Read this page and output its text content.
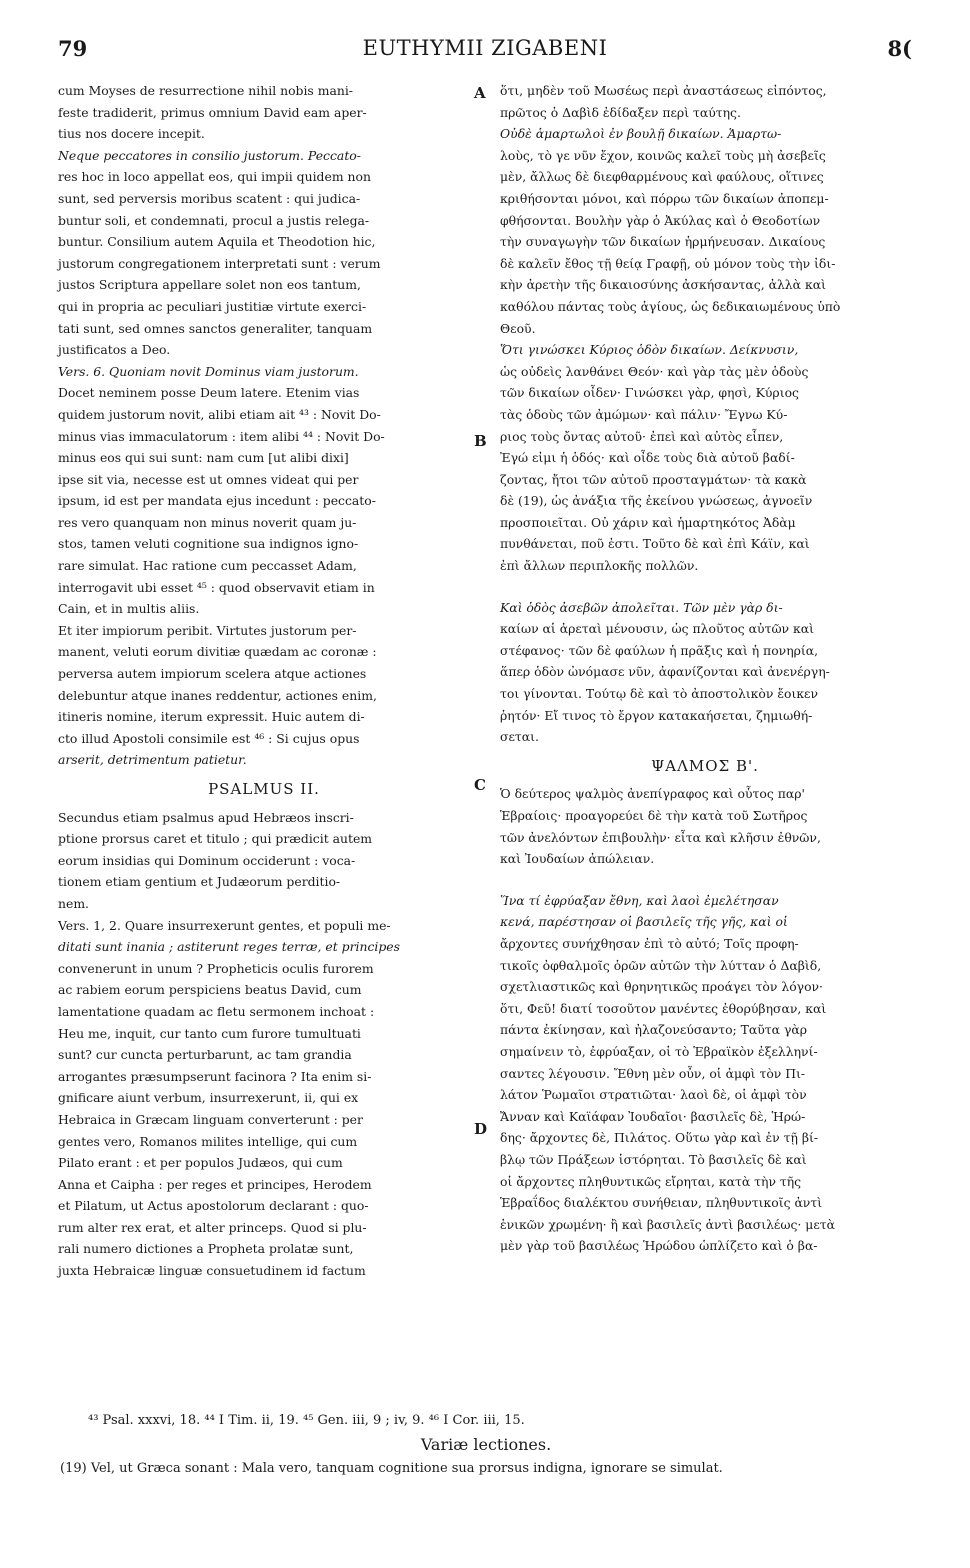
79	EUTHYMII ZIGABENI	8(
A
B
C
D

cum Moyses de resurrectione nihil nobis mani-

feste tradiderit, primus omnium David eam aper-

tius nos docere incepit.

Neque peccatores in consilio justorum. Peccato-

res hoc in loco appellat eos, qui impii quidem non

sunt, sed perversis moribus scatent : qui judica-

buntur soli, et condemnati, procul a justis relega-

buntur. Consilium autem Aquila et Theodotion hic,

justorum congregationem interpretati sunt : verum

justos Scriptura appellare solet non eos tantum,

qui in propria ac peculiari justitiæ virtute exerci-

tati sunt, sed omnes sanctos generaliter, tanquam

justificatos a Deo.

Vers. 6. Quoniam novit Dominus viam justorum.

Docet neminem posse Deum latere. Etenim vias

quidem justorum novit, alibi etiam ait ⁴³ : Novit Do-

minus vias immaculatorum : item alibi ⁴⁴ : Novit Do-

minus eos qui sui sunt: nam cum [ut alibi dixi]

ipse sit via, necesse est ut omnes videat qui per

ipsum, id est per mandata ejus incedunt : peccato-

res vero quanquam non minus noverit quam ju-

stos, tamen veluti cognitione sua indignos igno-

rare simulat. Hac ratione cum peccasset Adam,

interrogavit ubi esset ⁴⁵ : quod observavit etiam in

Cain, et in multis aliis.

Et iter impiorum peribit. Virtutes justorum per-

manent, veluti eorum divitiæ quædam ac coronæ :

perversa autem impiorum scelera atque actiones

delebuntur atque inanes reddentur, actiones enim,

itineris nomine, iterum expressit. Huic autem di-

cto illud Apostoli consimile est ⁴⁶ : Si cujus opus

arserit, detrimentum patietur.

PSALMUS II.

Secundus etiam psalmus apud Hebræos inscri-

ptione prorsus caret et titulo ; qui prædicit autem

eorum insidias qui Dominum occiderunt : voca-

tionem etiam gentium et Judæorum perditio-

nem.

Vers. 1, 2. Quare insurrexerunt gentes, et populi me-

ditati sunt inania ; astiterunt reges terræ, et principes

convenerunt in unum ? Propheticis oculis furorem

ac rabiem eorum perspiciens beatus David, cum

lamentatione quadam ac fletu sermonem inchoat :

Heu me, inquit, cur tanto cum furore tumultuati

sunt? cur cuncta perturbarunt, ac tam grandia

arrogantes præsumpserunt facinora ? Ita enim si-

gnificare aiunt verbum, insurrexerunt, ii, qui ex

Hebraica in Græcam linguam converterunt : per

gentes vero, Romanos milites intellige, qui cum

Pilato erant : et per populos Judæos, qui cum

Anna et Caipha : per reges et principes, Herodem

et Pilatum, ut Actus apostolorum declarant : quo-

rum alter rex erat, et alter princeps. Quod si plu-

rali numero dictiones a Propheta prolatæ sunt,

juxta Hebraicæ linguæ consuetudinem id factum

ὅτι, μηδὲν τοῦ Μωσέως περὶ ἀναστάσεως εἰπόντος,

πρῶτος ὁ Δαβὶδ ἐδίδαξεν περὶ ταύτης.

Οὐδὲ ἁμαρτωλοὶ ἐν βουλῇ δικαίων. Ἁμαρτω-

λοὺς, τὸ γε νῦν ἔχον, κοινῶς καλεῖ τοὺς μὴ ἀσεβεῖς

μὲν, ἄλλως δὲ διεφθαρμένους καὶ φαύλους, οἵτινες

κριθήσονται μόνοι, καὶ πόρρω τῶν δικαίων ἀποπεμ-

φθήσονται. Βουλὴν γὰρ ὁ Ἀκύλας καὶ ὁ Θεοδοτίων

τὴν συναγωγὴν τῶν δικαίων ἡρμήνευσαν. Δικαίους

δὲ καλεῖν ἔθος τῇ θείᾳ Γραφῇ, οὐ μόνον τοὺς τὴν ἰδι-

κὴν ἀρετὴν τῆς δικαιοσύνης ἀσκήσαντας, ἀλλὰ καὶ

καθόλου πάντας τοὺς ἁγίους, ὡς δεδικαιωμένους ὑπὸ

Θεοῦ.

Ὅτι γινώσκει Κύριος ὁδὸν δικαίων. Δείκνυσιν,

ὡς οὐδεὶς λανθάνει Θεόν· καὶ γὰρ τὰς μὲν ὁδοὺς

τῶν δικαίων οἶδεν· Γινώσκει γὰρ, φησὶ, Κύριος

τὰς ὁδοὺς τῶν ἀμώμων· καὶ πάλιν· Ἔγνω Κύ-

ριος τοὺς ὄντας αὐτοῦ· ἐπεὶ καὶ αὐτὸς εἶπεν,

Ἐγώ εἰμι ἡ ὁδός· καὶ οἶδε τοὺς διὰ αὐτοῦ βαδί-

ζοντας, ἤτοι τῶν αὐτοῦ προσταγμάτων· τὰ κακὰ

δὲ (19), ὡς ἀνάξια τῆς ἐκείνου γνώσεως, ἀγνοεῖν

προσποιεῖται. Οὐ χάριν καὶ ἡμαρτηκότος Ἀδὰμ

πυνθάνεται, ποῦ ἐστι. Τοῦτο δὲ καὶ ἐπὶ Κάϊν, καὶ

ἐπὶ ἄλλων περιπλοκῆς πολλῶν.

Καὶ ὁδὸς ἀσεβῶν ἀπολεῖται. Τῶν μὲν γὰρ δι-

καίων αἱ ἀρεταὶ μένουσιν, ὡς πλοῦτος αὐτῶν καὶ

στέφανος· τῶν δὲ φαύλων ἡ πρᾶξις καὶ ἡ πονηρία,

ἅπερ ὁδὸν ὠνόμασε νῦν, ἀφανίζονται καὶ ἀνενέργη-

τοι γίνονται. Τούτῳ δὲ καὶ τὸ ἀποστολικὸν ἔοικεν

ῥητόν· Εἴ τινος τὸ ἔργον κατακαήσεται, ζημιωθή-

σεται.

ΨΑΛΜΟΣ Β'.

Ὁ δεύτερος ψαλμὸς ἀνεπίγραφος καὶ οὗτος παρ'

Ἑβραίοις· προαγορεύει δὲ τὴν κατὰ τοῦ Σωτῆρος

τῶν ἀνελόντων ἐπιβουλὴν· εἶτα καὶ κλῆσιν ἐθνῶν,

καὶ Ἰουδαίων ἀπώλειαν.

Ἵνα τί ἐφρύαξαν ἔθνη, καὶ λαοὶ ἐμελέτησαν

κενά, παρέστησαν οἱ βασιλεῖς τῆς γῆς, καὶ οἱ

ἄρχοντες συνήχθησαν ἐπὶ τὸ αὐτό; Τοῖς προφη-

τικοῖς ὀφθαλμοῖς ὁρῶν αὐτῶν τὴν λύτταν ὁ Δαβὶδ,

σχετλιαστικῶς καὶ θρηνητικῶς προάγει τὸν λόγον·

ὅτι, Φεῦ! διατί τοσοῦτον μανέντες ἐθορύβησαν, καὶ

πάντα ἐκίνησαν, καὶ ἠλαζονεύσαντο; Ταῦτα γὰρ

σημαίνειν τὸ, ἐφρύαξαν, οἱ τὸ Ἑβραϊκὸν ἐξελληνί-

σαντες λέγουσιν. Ἔθνη μὲν οὖν, οἱ ἀμφὶ τὸν Πι-

λάτον Ῥωμαῖοι στρατιῶται· λαοὶ δὲ, οἱ ἀμφὶ τὸν

Ἄνναν καὶ Καϊάφαν Ἰουδαῖοι· βασιλεῖς δὲ, Ἡρώ-

δης· ἄρχοντες δὲ, Πιλάτος. Οὕτω γὰρ καὶ ἐν τῇ βί-

βλῳ τῶν Πράξεων ἱστόρηται. Τὸ βασιλεῖς δὲ καὶ

οἱ ἄρχοντες πληθυντικῶς εἴρηται, κατὰ τὴν τῆς

Ἑβραΐδος διαλέκτου συνήθειαν, πληθυντικοῖς ἀντὶ

ἑνικῶν χρωμένη· ἢ καὶ βασιλεῖς ἀντὶ βασιλέως· μετὰ

μὲν γὰρ τοῦ βασιλέως Ἡρώδου ὡπλίζετο καὶ ὁ βα-

⁴³ Psal. xxxvi, 18. ⁴⁴ I Tim. ii, 19. ⁴⁵ Gen. iii, 9 ; iv, 9. ⁴⁶ I Cor. iii, 15.
Variæ lectiones.
(19) Vel, ut Græca sonant : Mala vero, tanquam cognitione sua prorsus indigna, ignorare se simulat.
